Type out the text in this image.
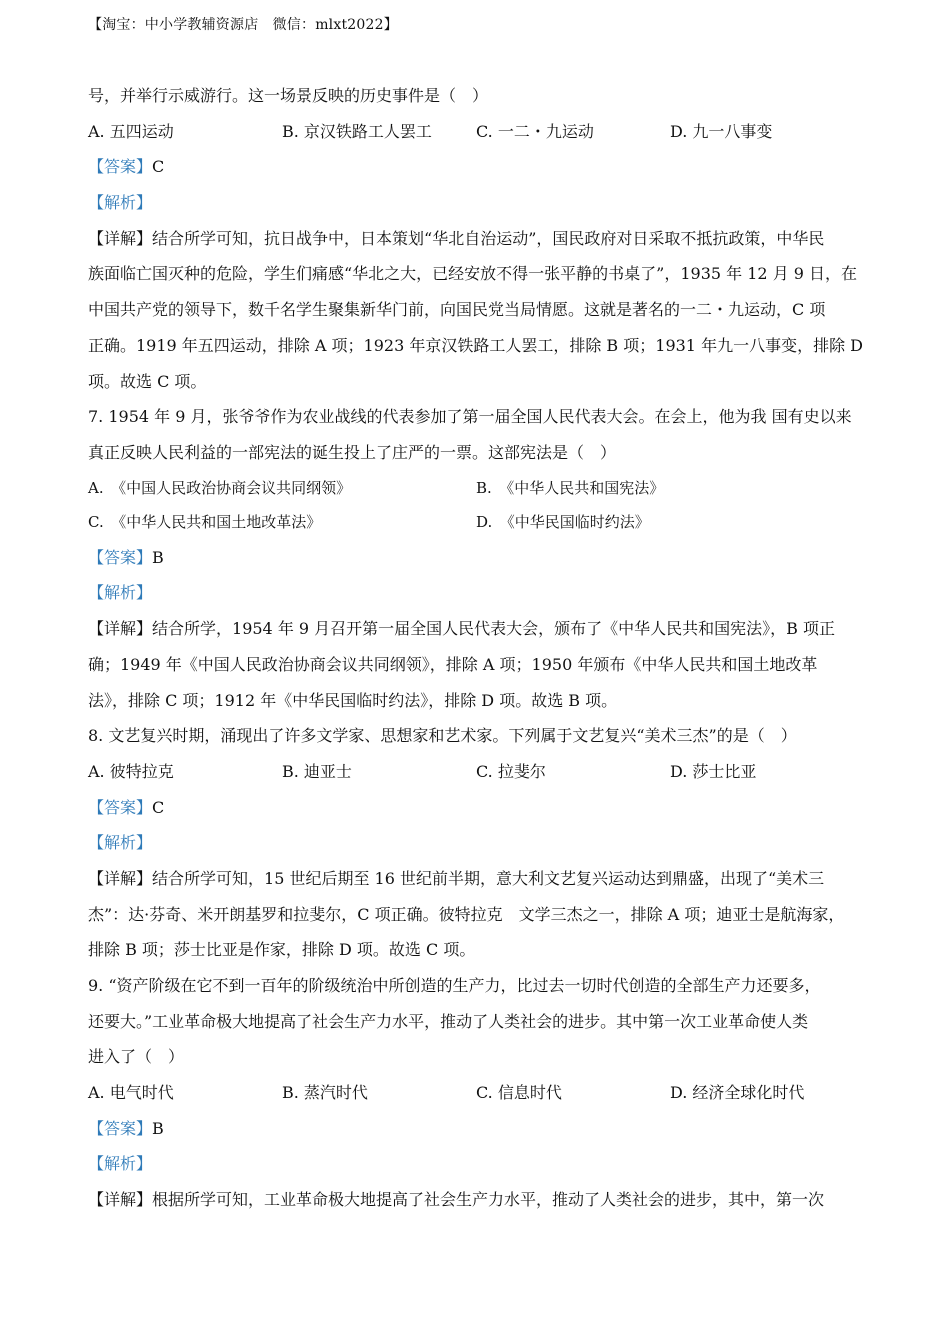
【淘宝：中小学教辅资源店　微信：mlxt2022】
号，并举行示威游行。这一场景反映的历史事件是（　）
A. 五四运动	B. 京汉铁路工人罢工	C. 一二・九运动	D. 九一八事变
【答案】C
【解析】
【详解】结合所学可知，抗日战争中，日本策划“华北自治运动”，国民政府对日采取不抵抗政策，中华民
族面临亡国灭种的危险，学生们痛感“华北之大，已经安放不得一张平静的书桌了”，1935 年 12 月 9 日，在
中国共产党的领导下，数千名学生聚集新华门前，向国民党当局情愿。这就是著名的一二・九运动，C 项
正确。1919 年五四运动，排除 A 项；1923 年京汉铁路工人罢工，排除 B 项；1931 年九一八事变，排除 D
项。故选 C 项。
7. 1954 年 9 月，张爷爷作为农业战线的代表参加了第一届全国人民代表大会。在会上，他为我 国有史以来
真正反映人民利益的一部宪法的诞生投上了庄严的一票。这部宪法是（　）
A.　《中国人民政治协商会议共同纲领》	B.　《中华人民共和国宪法》
C.　《中华人民共和国土地改革法》	D.　《中华民国临时约法》
【答案】B
【解析】
【详解】结合所学，1954 年 9 月召开第一届全国人民代表大会，颁布了《中华人民共和国宪法》，B 项正
确；1949 年《中国人民政治协商会议共同纲领》，排除 A 项；1950 年颁布《中华人民共和国土地改革
法》，排除 C 项；1912 年《中华民国临时约法》，排除 D 项。故选 B 项。
8. 文艺复兴时期，涌现出了许多文学家、思想家和艺术家。下列属于文艺复兴“美术三杰”的是（　）
A. 彼特拉克	B. 迪亚士	C. 拉斐尔	D. 莎士比亚
【答案】C
【解析】
【详解】结合所学可知，15 世纪后期至 16 世纪前半期，意大利文艺复兴运动达到鼎盛，出现了“美术三
杰”：达·芬奇、米开朗基罗和拉斐尔，C 项正确。彼特拉克　文学三杰之一，排除 A 项；迪亚士是航海家，
排除 B 项；莎士比亚是作家，排除 D 项。故选 C 项。
9. “资产阶级在它不到一百年的阶级统治中所创造的生产力，比过去一切时代创造的全部生产力还要多，
还要大。”工业革命极大地提高了社会生产力水平，推动了人类社会的进步。其中第一次工业革命使人类
进入了（　）
A. 电气时代	B. 蒸汽时代	C. 信息时代	D. 经济全球化时代
【答案】B
【解析】
【详解】根据所学可知，工业革命极大地提高了社会生产力水平，推动了人类社会的进步，其中，第一次
